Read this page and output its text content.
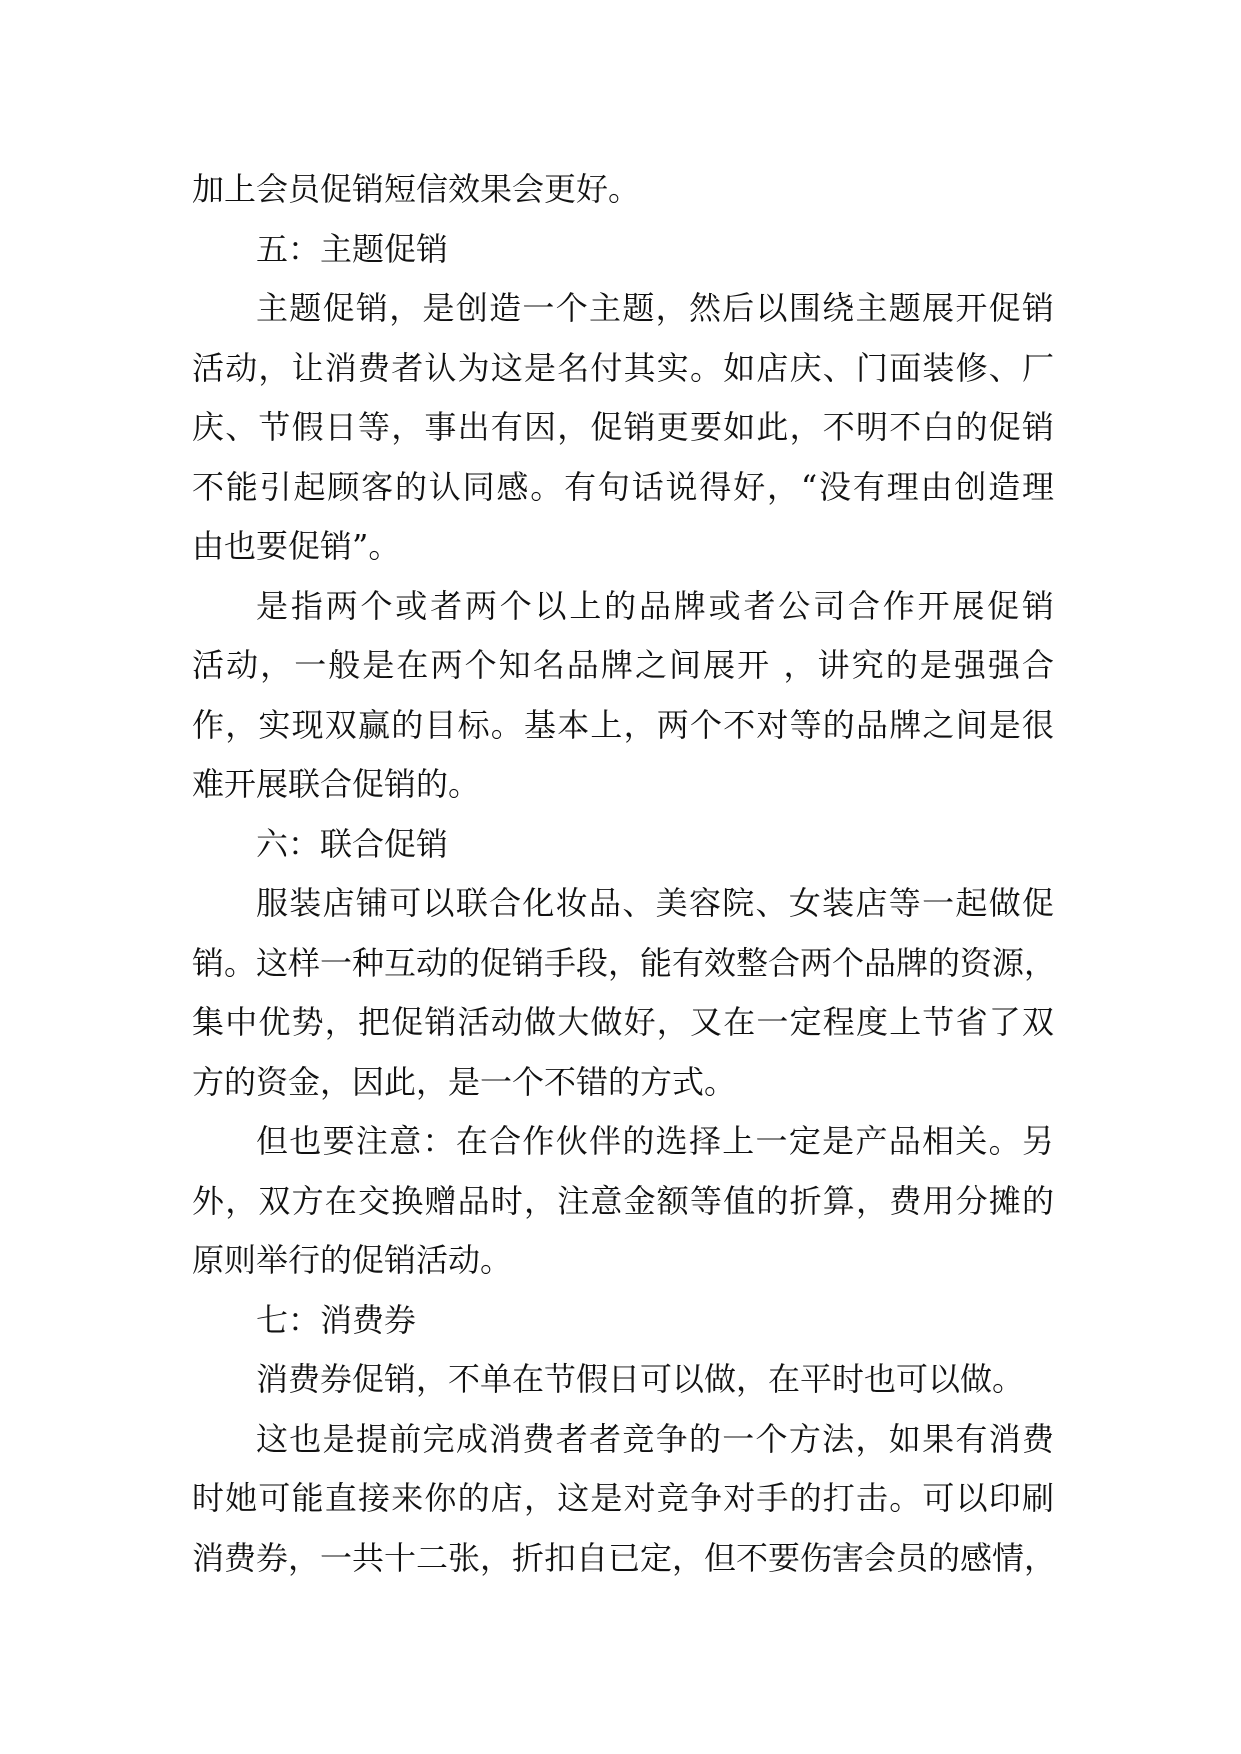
加上会员促销短信效果会更好。
五：主题促销
主题促销，是创造一个主题，然后以围绕主题展开促销
活动，让消费者认为这是名付其实。如店庆、门面装修、厂
庆、节假日等，事出有因，促销更要如此，不明不白的促销
不能引起顾客的认同感。有句话说得好，“没有理由创造理
由也要促销”。
是指两个或者两个以上的品牌或者公司合作开展促销
活动，一般是在两个知名品牌之间展开 ，讲究的是强强合
作，实现双赢的目标。基本上，两个不对等的品牌之间是很
难开展联合促销的。
六：联合促销
服装店铺可以联合化妆品、美容院、女装店等一起做促
销。这样一种互动的促销手段，能有效整合两个品牌的资源，
集中优势，把促销活动做大做好，又在一定程度上节省了双
方的资金，因此，是一个不错的方式。
但也要注意：在合作伙伴的选择上一定是产品相关。另
外，双方在交换赠品时，注意金额等值的折算，费用分摊的
原则举行的促销活动。
七：消费券
消费券促销，不单在节假日可以做，在平时也可以做。
这也是提前完成消费者者竞争的一个方法，如果有消费
时她可能直接来你的店，这是对竞争对手的打击。可以印刷
消费券，一共十二张，折扣自已定，但不要伤害会员的感情，
